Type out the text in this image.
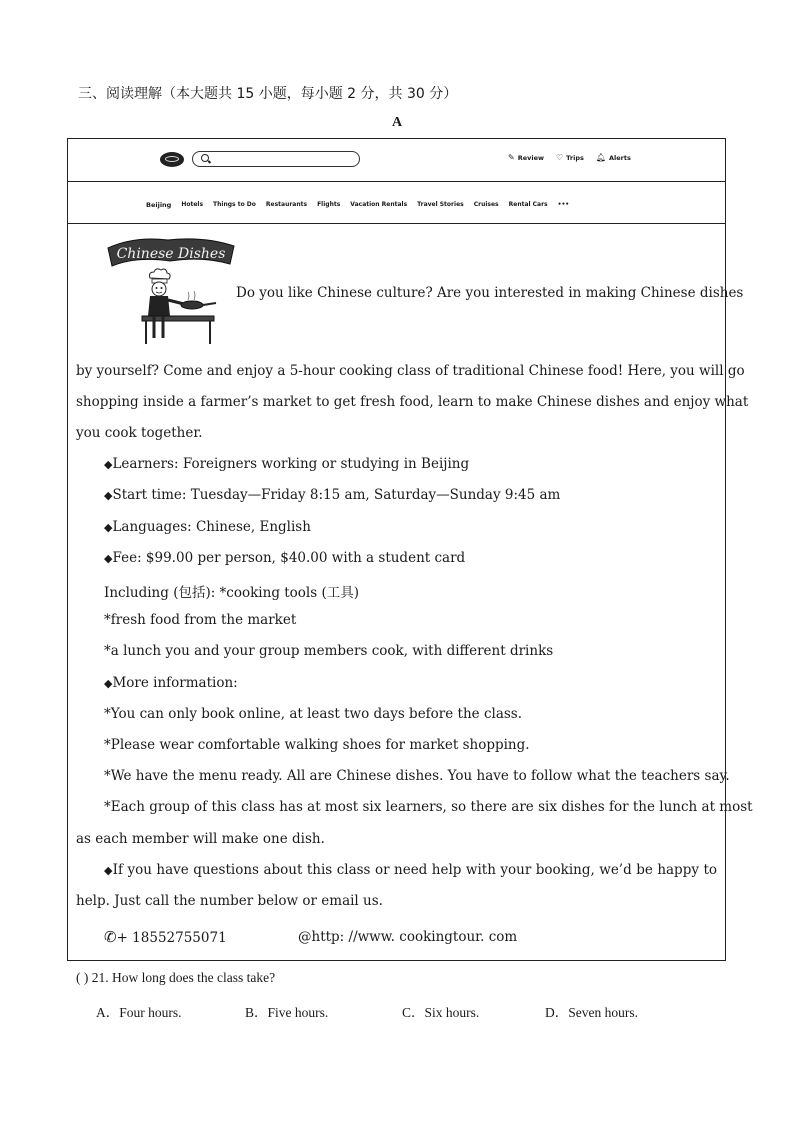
三、阅读理解（本大题共 15 小题，每小题 2 分，共 30 分）
A
✎ Review ♡ Trips 🔔︎ Alerts
Beijing Hotels Things to Do Restaurants Flights Vacation Rentals Travel Stories Cruises Rental Cars •••
Chinese Dishes
Do you like Chinese culture? Are you interested in making Chinese dishes
by yourself? Come and enjoy a 5-hour cooking class of traditional Chinese food! Here, you will go
shopping inside a farmer’s market to get fresh food, learn to make Chinese dishes and enjoy what
you cook together.
◆Learners: Foreigners working or studying in Beijing
◆Start time: Tuesday—Friday 8:15 am, Saturday—Sunday 9:45 am
◆Languages: Chinese, English
◆Fee: $99.00 per person, $40.00 with a student card
Including (包括): *cooking tools (工具)
*fresh food from the market
*a lunch you and your group members cook, with different drinks
◆More information:
*You can only book online, at least two days before the class.
*Please wear comfortable walking shoes for market shopping.
*We have the menu ready. All are Chinese dishes. You have to follow what the teachers say.
*Each group of this class has at most six learners, so there are six dishes for the lunch at most
as each member will make one dish.
◆If you have questions about this class or need help with your booking, we’d be happy to
help. Just call the number below or email us.
✆+ 18552755071	@http: //www. cookingtour. com
( ) 21. How long does the class take?
A．Four hours.	B．Five hours.	C．Six hours.	D．Seven hours.
